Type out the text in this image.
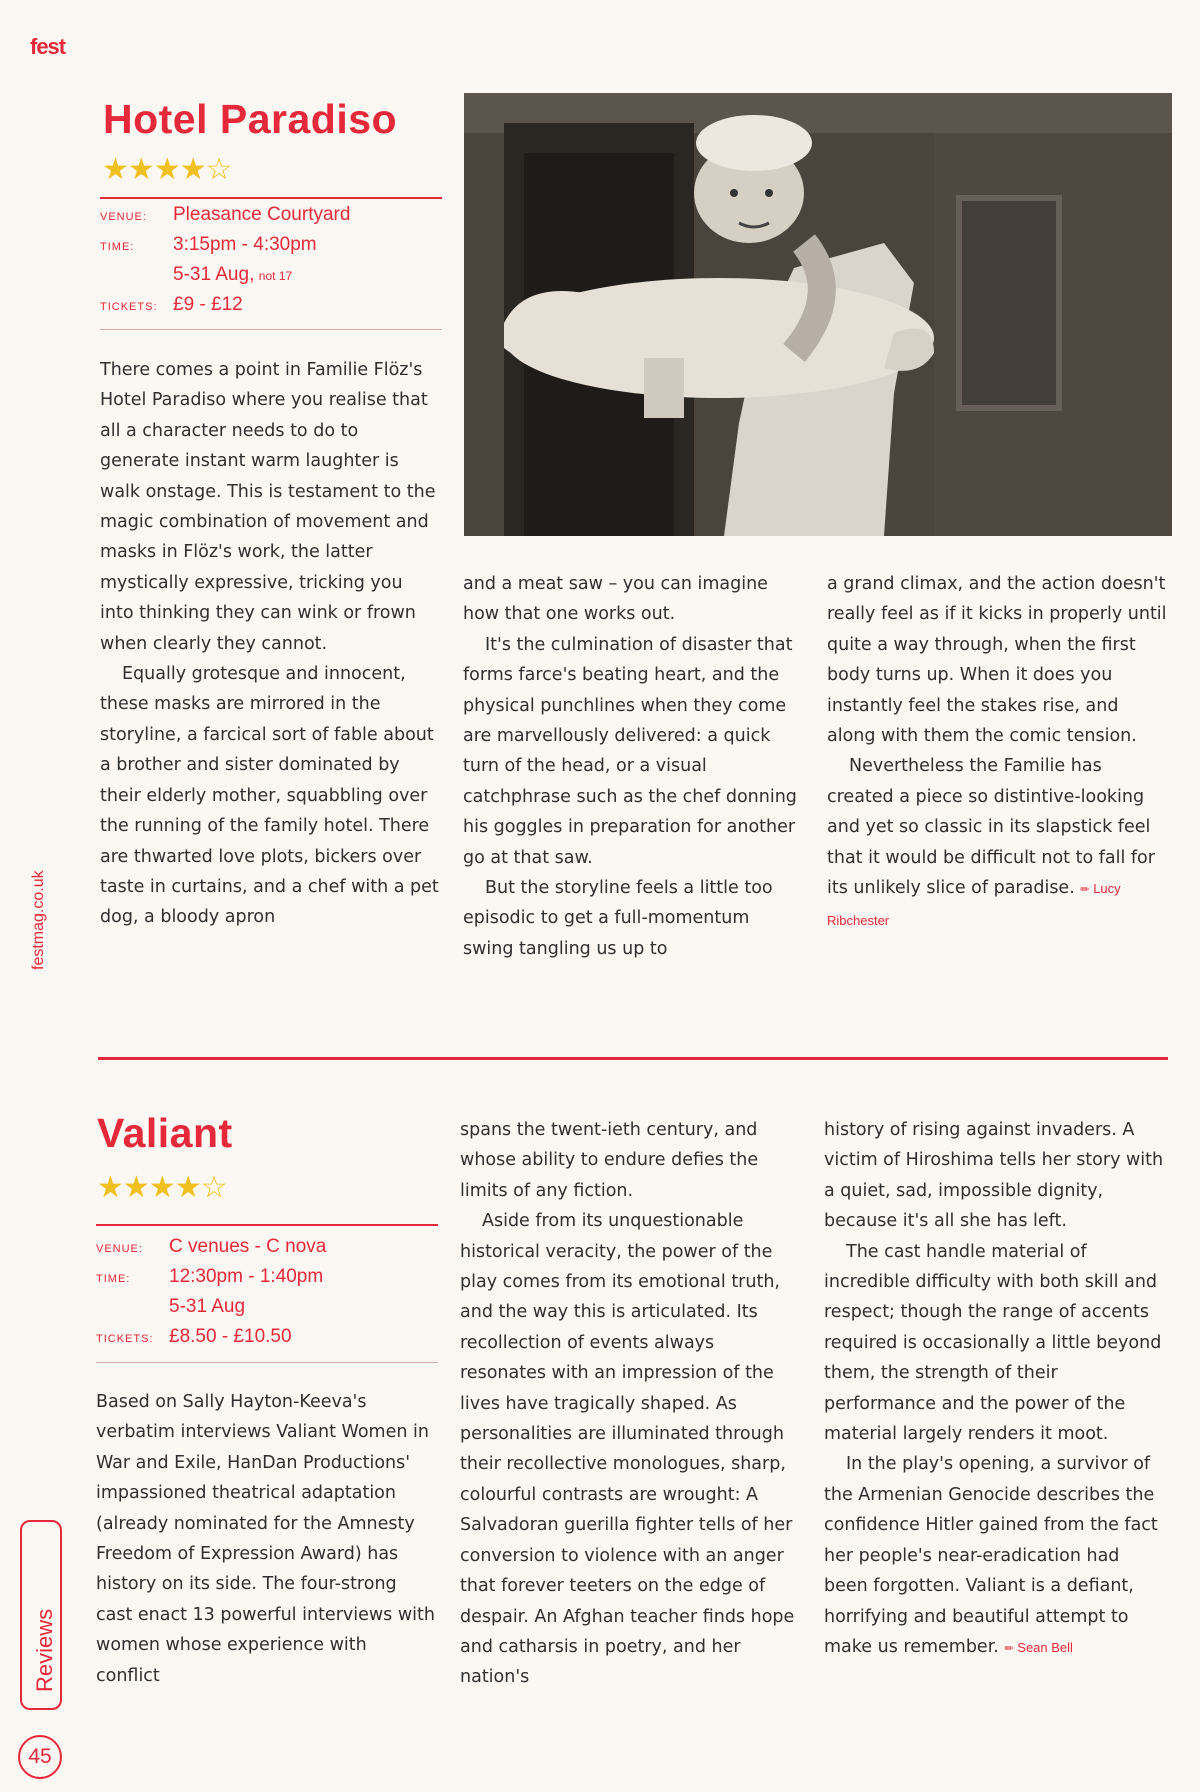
fest
festmag.co.uk
Reviews
45
Hotel Paradiso
★★★★☆
VENUE:	Pleasance Courtyard
TIME:	3:15pm - 4:30pm
5-31 Aug,
not 17
TICKETS: £9 - £12

There comes a point in Familie Flöz's Hotel Paradiso where you realise that all a character needs to do to generate instant warm laughter is walk onstage. This is testament to the magic combination of movement and masks in Flöz's work, the latter mystically expressive, tricking you into thinking they can wink or frown when clearly they cannot.

Equally grotesque and innocent, these masks are mirrored in the storyline, a farcical sort of fable about a brother and sister dominated by their elderly mother, squabbling over the running of the family hotel. There are thwarted love plots, bickers over taste in curtains, and a chef with a pet dog, a bloody apron

and a meat saw – you can imagine how that one works out.

It's the culmination of disaster that forms farce's beating heart, and the physical punchlines when they come are marvellously delivered: a quick turn of the head, or a visual catchphrase such as the chef donning his goggles in preparation for another go at that saw.

But the storyline feels a little too episodic to get a full-momentum swing tangling us up to

a grand climax, and the action doesn't really feel as if it kicks in properly until quite a way through, when the first body turns up. When it does you instantly feel the stakes rise, and along with them the comic tension.

Nevertheless the Familie has created a piece so distintive-looking and yet so classic in its slapstick feel that it would be difficult not to fall for its unlikely slice of paradise. ✏ Lucy Ribchester

Valiant
★★★★☆
VENUE:	C venues - C nova
TIME:	12:30pm - 1:40pm
5-31 Aug
TICKETS: £8.50 - £10.50

Based on Sally Hayton-Keeva's verbatim interviews Valiant Women in War and Exile, HanDan Productions' impassioned theatrical adaptation (already nominated for the Amnesty Freedom of Expression Award) has history on its side. The four-strong cast enact 13 powerful interviews with women whose experience with conflict

spans the twent-ieth century, and whose ability to endure defies the limits of any fiction.

Aside from its unquestionable historical veracity, the power of the play comes from its emotional truth, and the way this is articulated. Its recollection of events always resonates with an impression of the lives have tragically shaped. As personalities are illuminated through their recollective monologues, sharp, colourful contrasts are wrought: A Salvadoran guerilla fighter tells of her conversion to violence with an anger that forever teeters on the edge of despair. An Afghan teacher finds hope and catharsis in poetry, and her nation's

history of rising against invaders. A victim of Hiroshima tells her story with a quiet, sad, impossible dignity, because it's all she has left.

The cast handle material of incredible difficulty with both skill and respect; though the range of accents required is occasionally a little beyond them, the strength of their performance and the power of the material largely renders it moot.

In the play's opening, a survivor of the Armenian Genocide describes the confidence Hitler gained from the fact her people's near-eradication had been forgotten. Valiant is a defiant, horrifying and beautiful attempt to make us remember. ✏ Sean Bell
